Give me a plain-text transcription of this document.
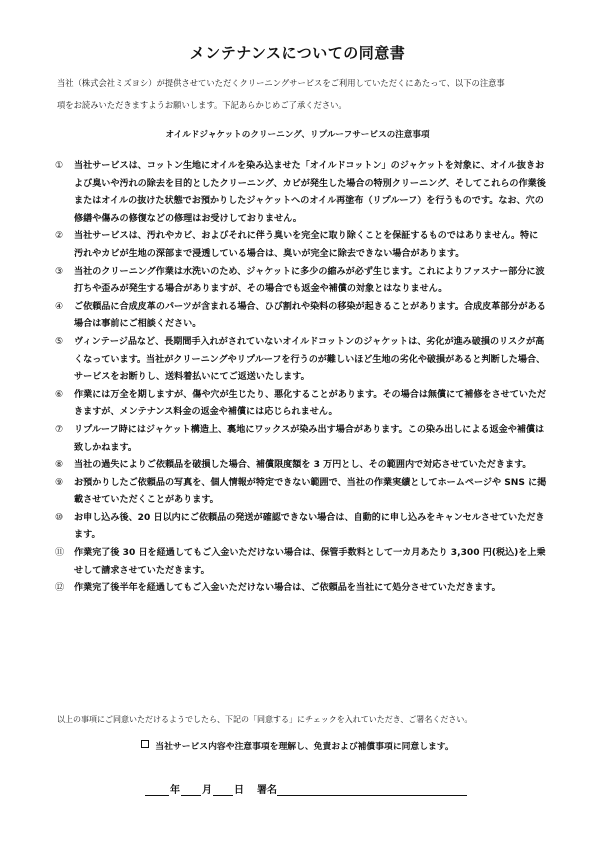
メンテナンスについての同意書
当社（株式会社ミズヨシ）が提供させていただくクリーニングサービスをご利用していただくにあたって、以下の注意事
項をお読みいただきますようお願いします。下記あらかじめご了承ください。
オイルドジャケットのクリーニング、リプルーフサービスの注意事項
①	当社サービスは、コットン生地にオイルを染み込ませた「オイルドコットン」のジャケットを対象に、オイル抜きおよび臭いや汚れの除去を目的としたクリーニング、カビが発生した場合の特別クリーニング、そしてこれらの作業後またはオイルの抜けた状態でお預かりしたジャケットへのオイル再塗布（リプルーフ）を行うものです。なお、穴の修繕や傷みの修復などの修理はお受けしておりません。
②	当社サービスは、汚れやカビ、およびそれに伴う臭いを完全に取り除くことを保証するものではありません。特に汚れやカビが生地の深部まで浸透している場合は、臭いが完全に除去できない場合があります。
③	当社のクリーニング作業は水洗いのため、ジャケットに多少の縮みが必ず生じます。これによりファスナー部分に波打ちや歪みが発生する場合がありますが、その場合でも返金や補償の対象とはなりません。
④	ご依頼品に合成皮革のパーツが含まれる場合、ひび割れや染料の移染が起きることがあります。合成皮革部分がある場合は事前にご相談ください。
⑤	ヴィンテージ品など、長期間手入れがされていないオイルドコットンのジャケットは、劣化が進み破損のリスクが高くなっています。当社がクリーニングやリプルーフを行うのが難しいほど生地の劣化や破損があると判断した場合、サービスをお断りし、送料着払いにてご返送いたします。
⑥	作業には万全を期しますが、傷や穴が生じたり、悪化することがあります。その場合は無償にて補修をさせていただきますが、メンテナンス料金の返金や補償には応じられません。
⑦	リプルーフ時にはジャケット構造上、裏地にワックスが染み出す場合があります。この染み出しによる返金や補償は致しかねます。
⑧	当社の過失によりご依頼品を破損した場合、補償限度額を 3 万円とし、その範囲内で対応させていただきます。
⑨	お預かりしたご依頼品の写真を、個人情報が特定できない範囲で、当社の作業実績としてホームページや SNS に掲載させていただくことがあります。
⑩	お申し込み後、20 日以内にご依頼品の発送が確認できない場合は、自動的に申し込みをキャンセルさせていただきます。
⑪	作業完了後 30 日を経過してもご入金いただけない場合は、保管手数料として一カ月あたり 3,300 円(税込)を上乗せして請求させていただきます。
⑫	作業完了後半年を経過してもご入金いただけない場合は、ご依頼品を当社にて処分させていただきます。
以上の事項にご同意いただけるようでしたら、下記の「同意する」にチェックを入れていただき、ご署名ください。
当社サービス内容や注意事項を理解し、免責および補償事項に同意します。
年 月 日 署名
